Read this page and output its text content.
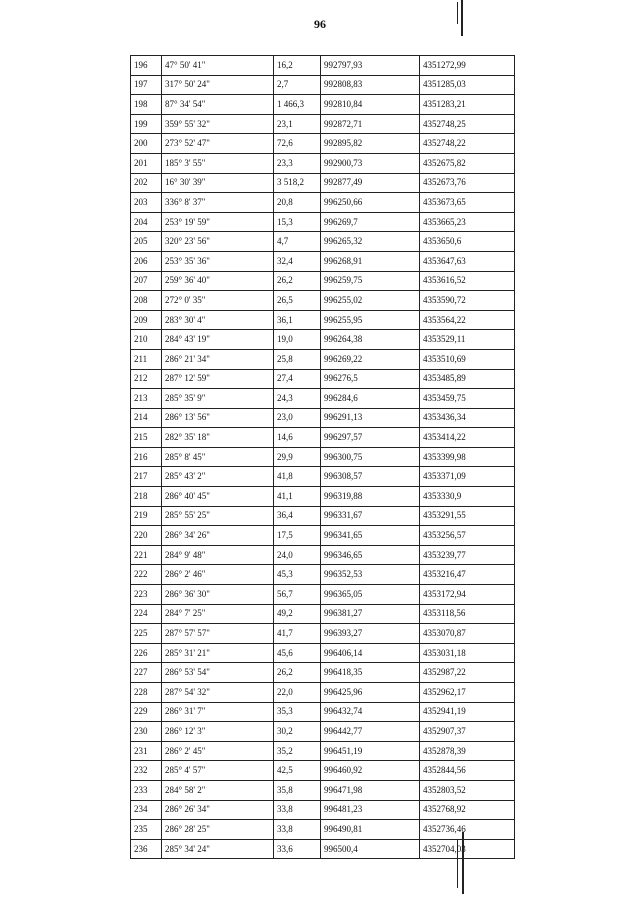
96
196	47° 50' 41"	16,2	992797,93	4351272,99
197	317° 50' 24"	2,7	992808,83	4351285,03
198	87° 34' 54"	1 466,3	992810,84	4351283,21
199	359° 55' 32"	23,1	992872,71	4352748,25
200	273° 52' 47"	72,6	992895,82	4352748,22
201	185° 3' 55"	23,3	992900,73	4352675,82
202	16° 30' 39"	3 518,2	992877,49	4352673,76
203	336° 8' 37"	20,8	996250,66	4353673,65
204	253° 19' 59"	15,3	996269,7	4353665,23
205	320° 23' 56"	4,7	996265,32	4353650,6
206	253° 35' 36"	32,4	996268,91	4353647,63
207	259° 36' 40"	26,2	996259,75	4353616,52
208	272° 0' 35"	26,5	996255,02	4353590,72
209	283° 30' 4"	36,1	996255,95	4353564,22
210	284° 43' 19"	19,0	996264,38	4353529,11
211	286° 21' 34"	25,8	996269,22	4353510,69
212	287° 12' 59"	27,4	996276,5	4353485,89
213	285° 35' 9"	24,3	996284,6	4353459,75
214	286° 13' 56"	23,0	996291,13	4353436,34
215	282° 35' 18"	14,6	996297,57	4353414,22
216	285° 8' 45"	29,9	996300,75	4353399,98
217	285° 43' 2"	41,8	996308,57	4353371,09
218	286° 40' 45"	41,1	996319,88	4353330,9
219	285° 55' 25"	36,4	996331,67	4353291,55
220	286° 34' 26"	17,5	996341,65	4353256,57
221	284° 9' 48"	24,0	996346,65	4353239,77
222	286° 2' 46"	45,3	996352,53	4353216,47
223	286° 36' 30"	56,7	996365,05	4353172,94
224	284° 7' 25"	49,2	996381,27	4353118,56
225	287° 57' 57"	41,7	996393,27	4353070,87
226	285° 31' 21"	45,6	996406,14	4353031,18
227	286° 53' 54"	26,2	996418,35	4352987,22
228	287° 54' 32"	22,0	996425,96	4352962,17
229	286° 31' 7"	35,3	996432,74	4352941,19
230	286° 12' 3"	30,2	996442,77	4352907,37
231	286° 2' 45"	35,2	996451,19	4352878,39
232	285° 4' 57"	42,5	996460,92	4352844,56
233	284° 58' 2"	35,8	996471,98	4352803,52
234	286° 26' 34"	33,8	996481,23	4352768,92
235	286° 28' 25"	33,8	996490,81	4352736,46
236	285° 34' 24"	33,6	996500,4	4352704,03
